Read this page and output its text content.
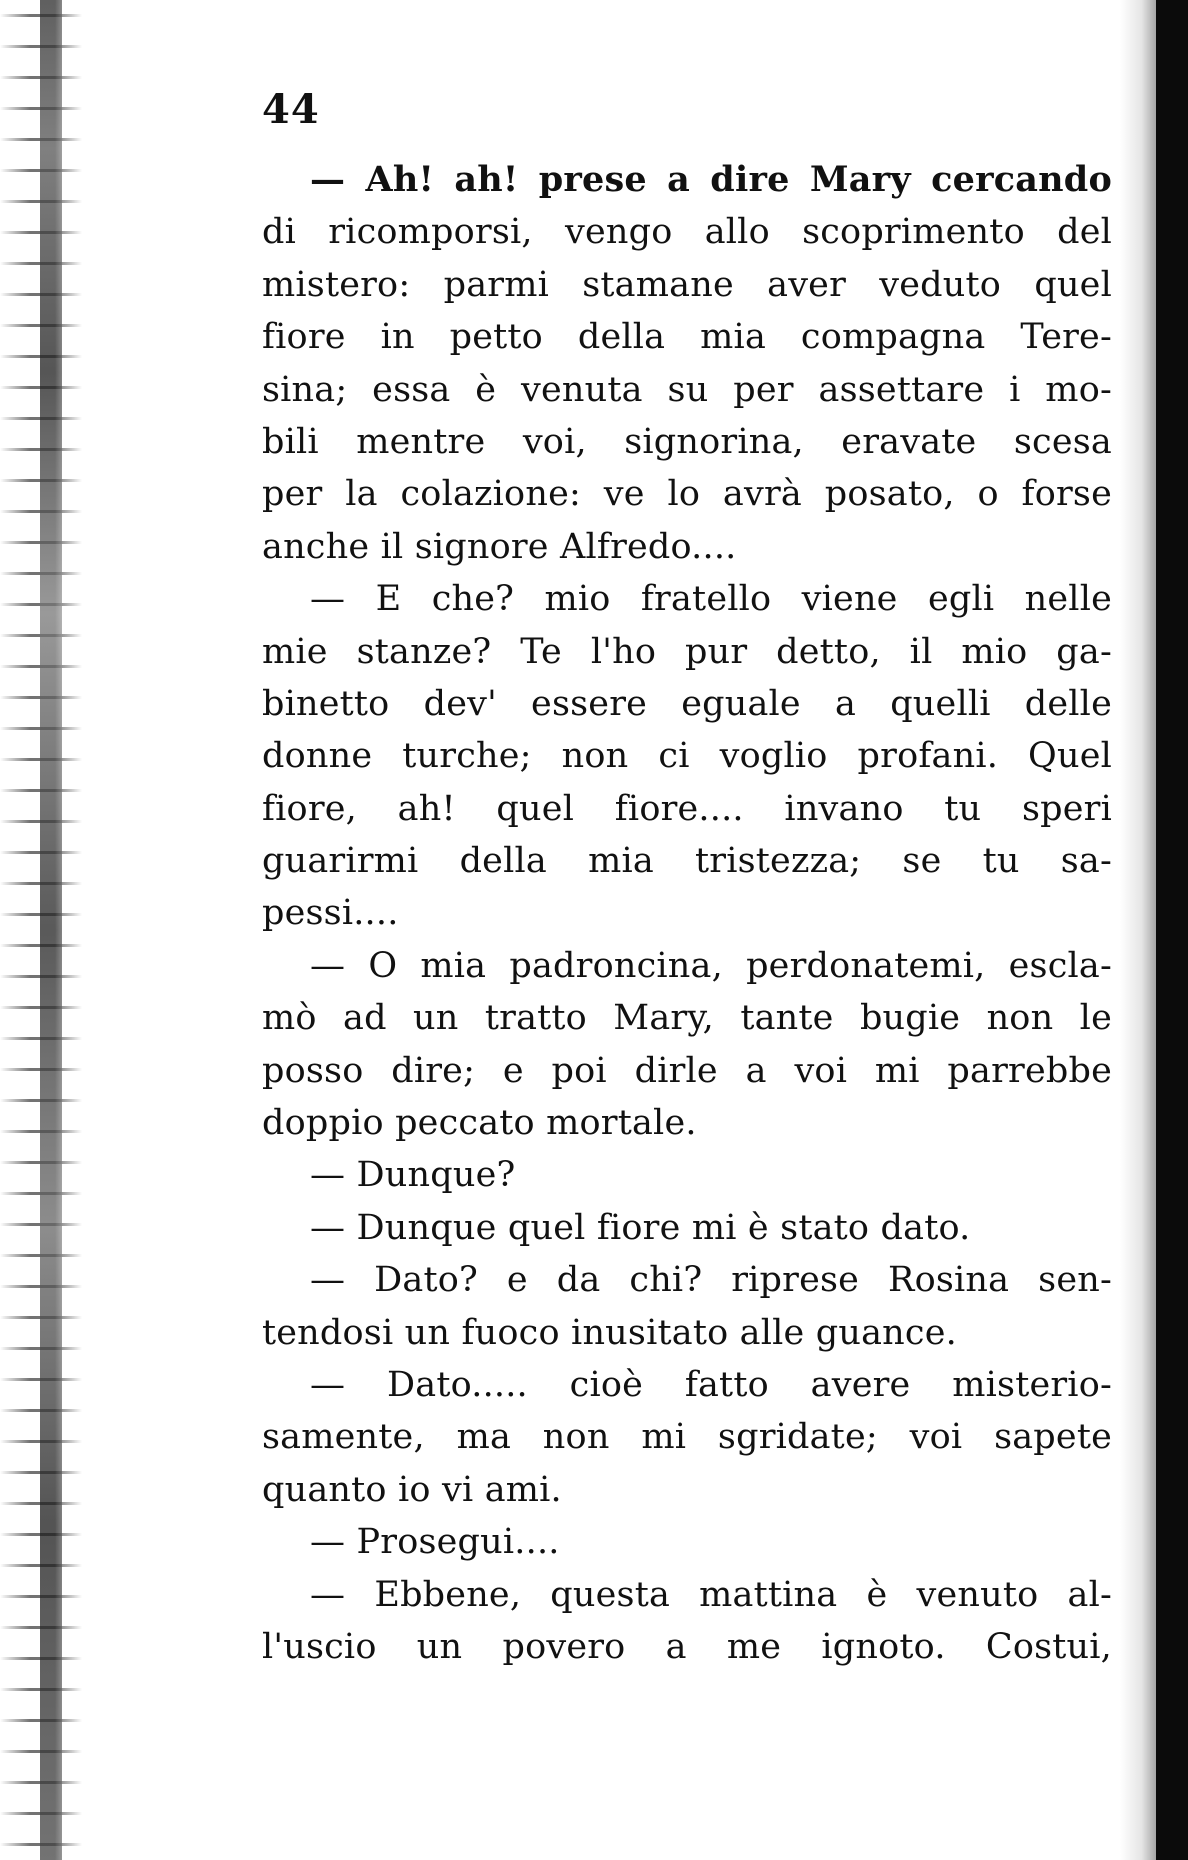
44
— Ah! ah! prese a dire Mary cercando
di ricomporsi, vengo allo scoprimento del
mistero: parmi stamane aver veduto quel
fiore in petto della mia compagna Tere-
sina; essa è venuta su per assettare i mo-
bili mentre voi, signorina, eravate scesa
per la colazione: ve lo avrà posato, o forse
anche il signore Alfredo....
— E che? mio fratello viene egli nelle
mie stanze? Te l'ho pur detto, il mio ga-
binetto dev' essere eguale a quelli delle
donne turche; non ci voglio profani. Quel
fiore, ah! quel fiore.... invano tu speri
guarirmi della mia tristezza; se tu sa-
pessi....
— O mia padroncina, perdonatemi, escla-
mò ad un tratto Mary, tante bugie non le
posso dire; e poi dirle a voi mi parrebbe
doppio peccato mortale.
— Dunque?
— Dunque quel fiore mi è stato dato.
— Dato? e da chi? riprese Rosina sen-
tendosi un fuoco inusitato alle guance.
— Dato..... cioè fatto avere misterio-
samente, ma non mi sgridate; voi sapete
quanto io vi ami.
— Prosegui....
— Ebbene, questa mattina è venuto al-
l'uscio un povero a me ignoto. Costui,
